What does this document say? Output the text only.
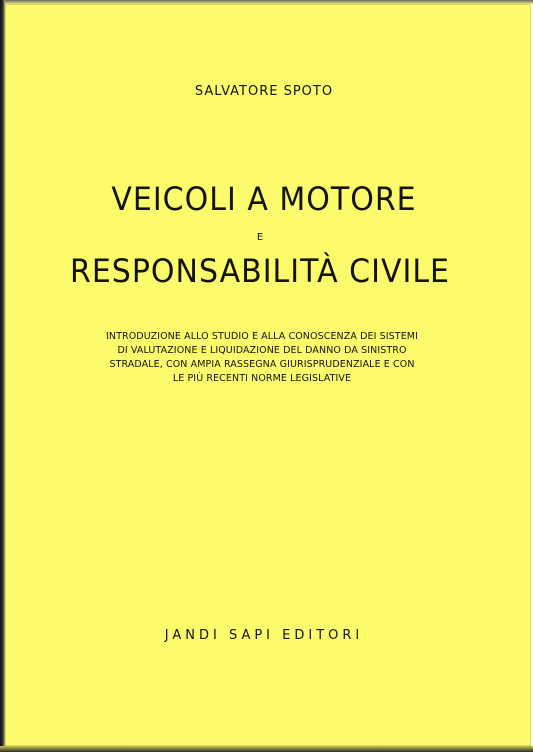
SALVATORE SPOTO
VEICOLI A MOTORE
E
RESPONSABILITÀ CIVILE
INTRODUZIONE ALLO STUDIO E ALLA CONOSCENZA DEI SISTEMI
DI VALUTAZIONE E LIQUIDAZIONE DEL DANNO DA SINISTRO
STRADALE, CON AMPIA RASSEGNA GIURISPRUDENZIALE E CON
LE PIÙ RECENTI NORME LEGISLATIVE
JANDI SAPI EDITORI
